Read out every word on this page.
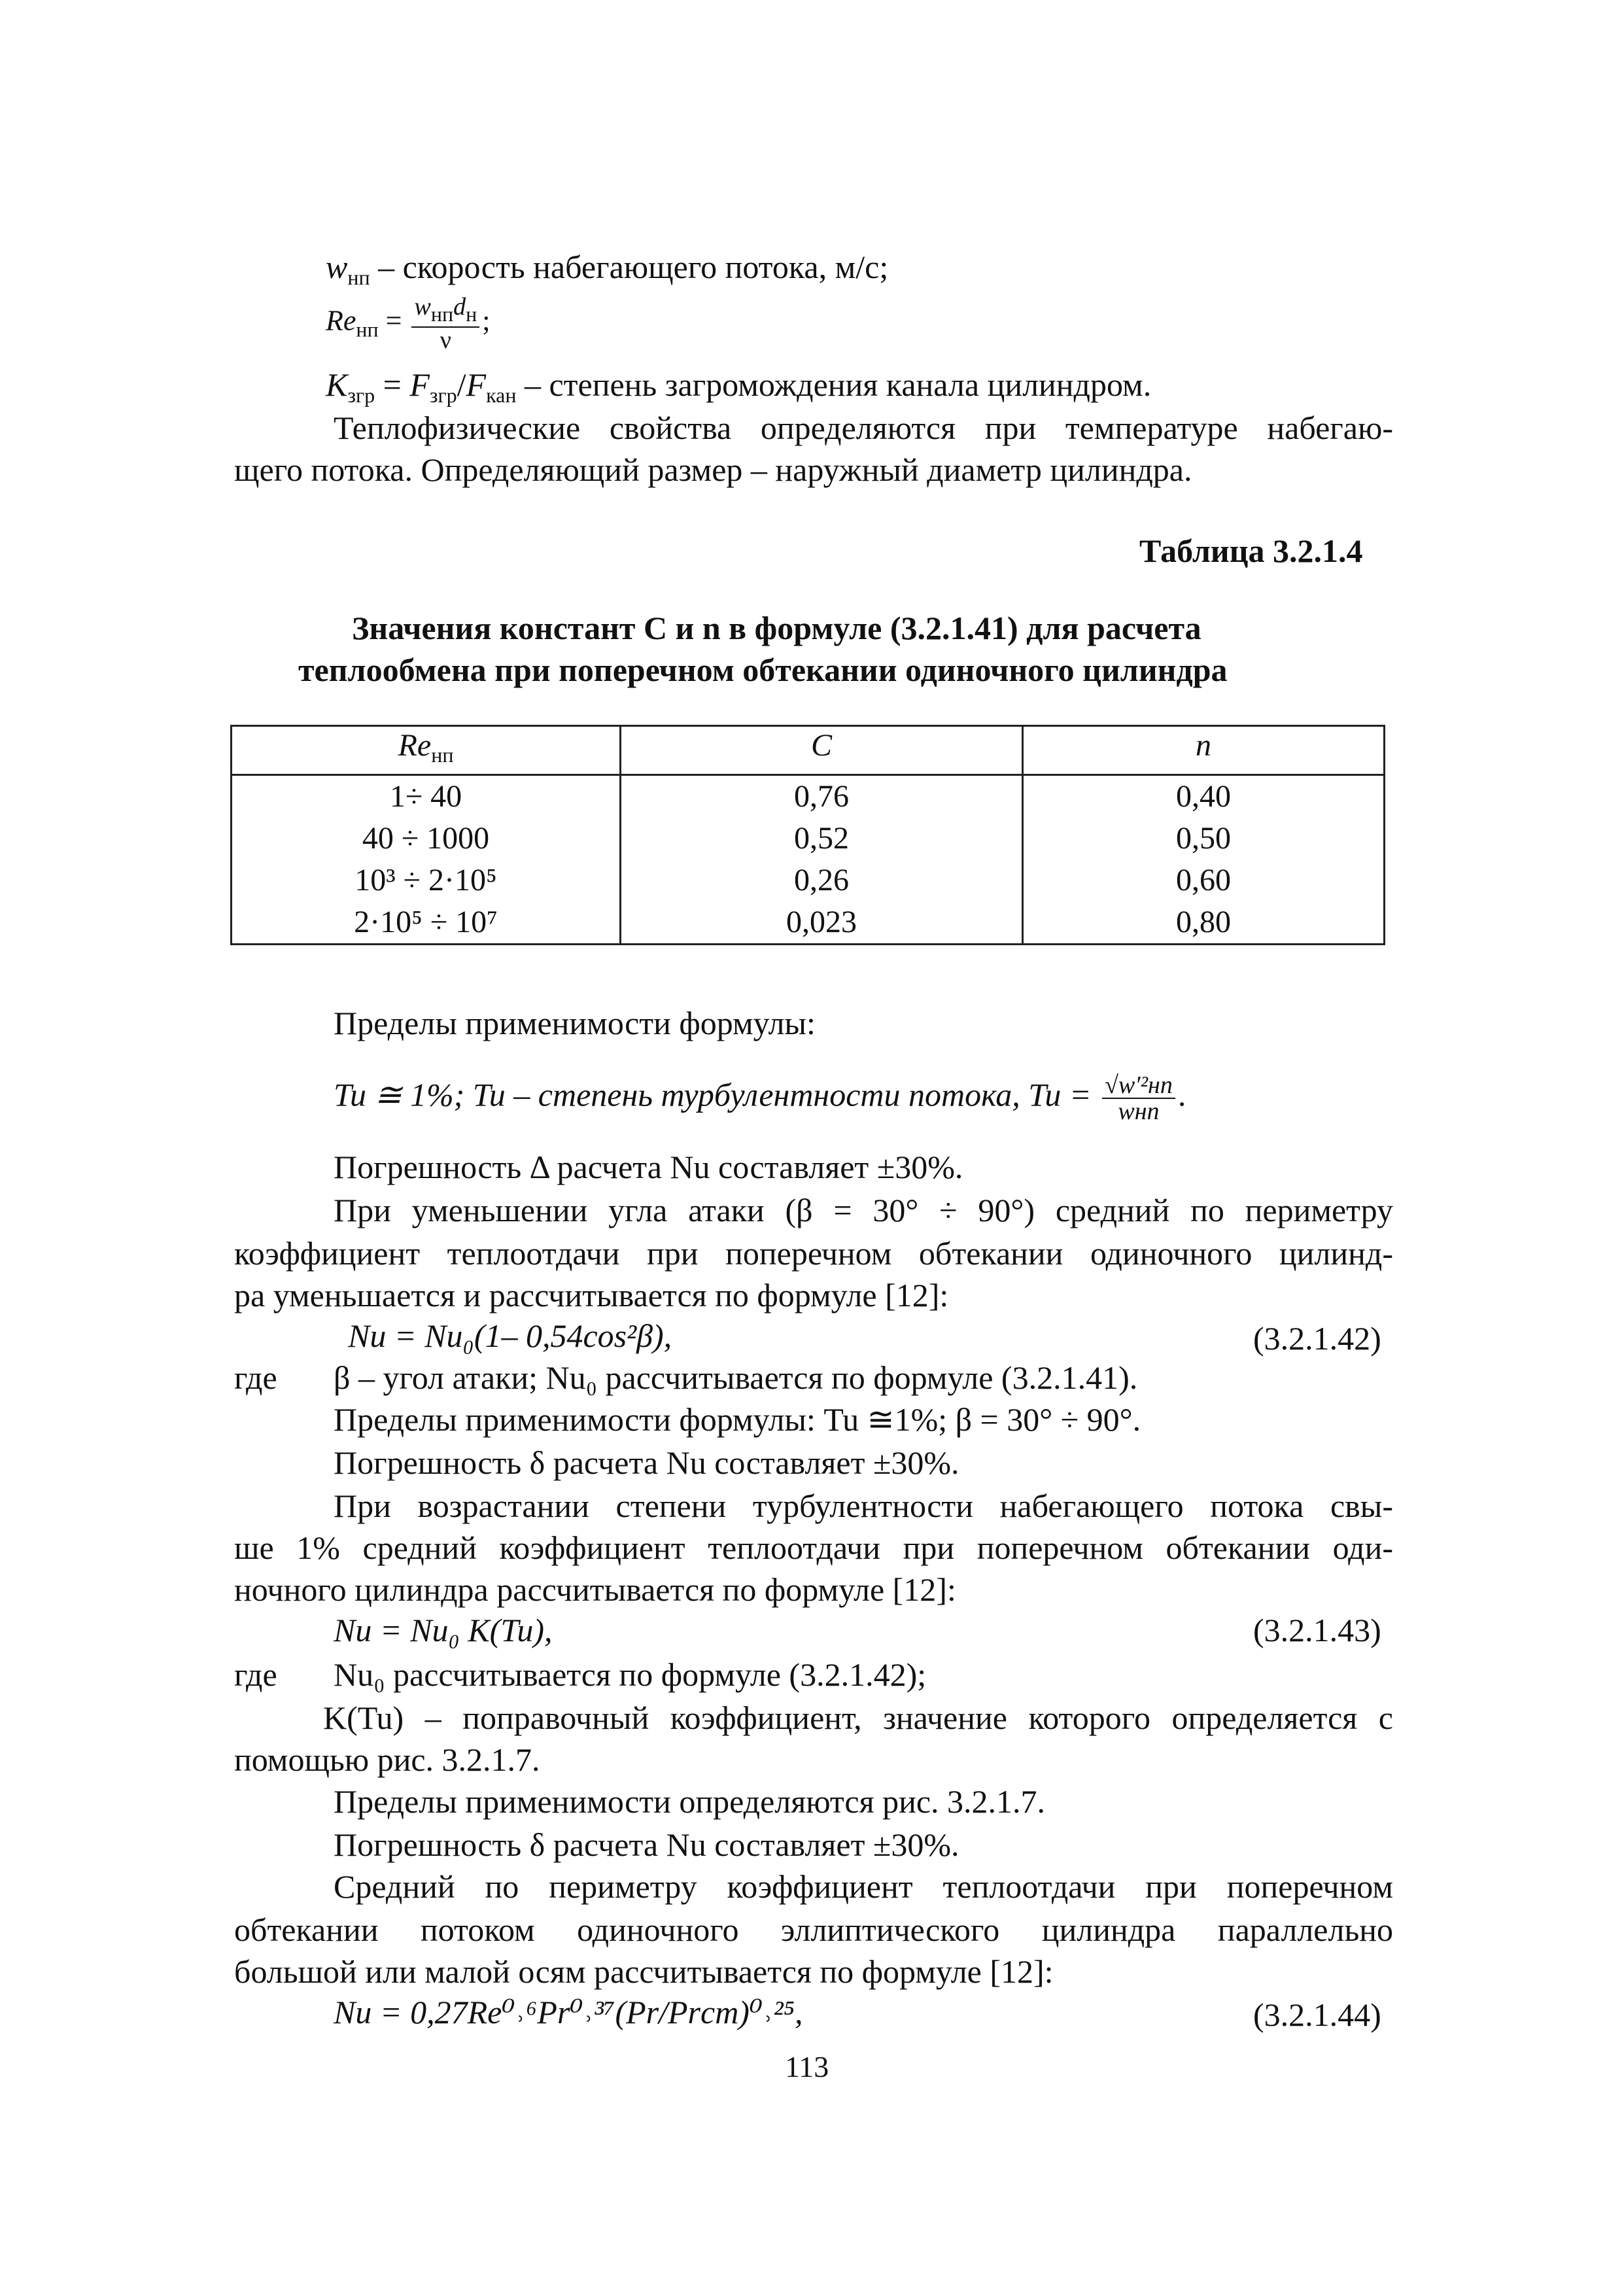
$w_{нп}$ – скорость набегающего потока, м/с;
$Re_{нп} = \frac{w_{нп}d_н}{\nu}$ ;
$K_{згр} = F_{згр}/F_{кан}$ – степень загромождения канала цилиндром.
Теплофизические свойства определяются при температуре набегаю-
щего потока. Определяющий размер – наружный диаметр цилиндра.
Таблица 3.2.1.4
Значения констант C и n в формуле (3.2.1.41) для расчета
теплообмена при поперечном обтекании одиночного цилиндра
$Re_{нп}$	C	n
1÷ 40	0,76	0,40
40 ÷ 1000	0,52	0,50
10³ ÷ 2·10⁵	0,26	0,60
2·10⁵ ÷ 10⁷	0,023	0,80
Пределы применимости формулы:
Tu ≅ 1%; Tu – степень турбулентности потока, $Tu = \frac{\text{√w′²нп}}{\text{wнп}}$ .
Погрешность Δ расчета Nu составляет ±30%.
При уменьшении угла атаки (β = 30° ÷ 90°) средний по периметру
коэффициент теплоотдачи при поперечном обтекании одиночного цилинд-
ра уменьшается и рассчитывается по формуле [12]:
Nu = Nu₀(1– 0,54cos²β),	(3.2.1.42)
где β – угол атаки; Nu₀ рассчитывается по формуле (3.2.1.41).
Пределы применимости формулы: Tu ≅1%; β = 30° ÷ 90°.
Погрешность δ расчета Nu составляет ±30%.
При возрастании степени турбулентности набегающего потока свы-
ше 1% средний коэффициент теплоотдачи при поперечном обтекании оди-
ночного цилиндра рассчитывается по формуле [12]:
Nu = Nu₀ K(Tu),	(3.2.1.43)
где Nu₀ рассчитывается по формуле (3.2.1.42);
K(Tu) – поправочный коэффициент, значение которого определяется с
помощью рис. 3.2.1.7.
Пределы применимости определяются рис. 3.2.1.7.
Погрешность δ расчета Nu составляет ±30%.
Средний по периметру коэффициент теплоотдачи при поперечном
обтекании потоком одиночного эллиптического цилиндра параллельно
большой или малой осям рассчитывается по формуле [12]:
Nu = 0,27Re⁰˒⁶Pr⁰˒³⁷(Pr/Prст)⁰˒²⁵,	(3.2.1.44)
113
